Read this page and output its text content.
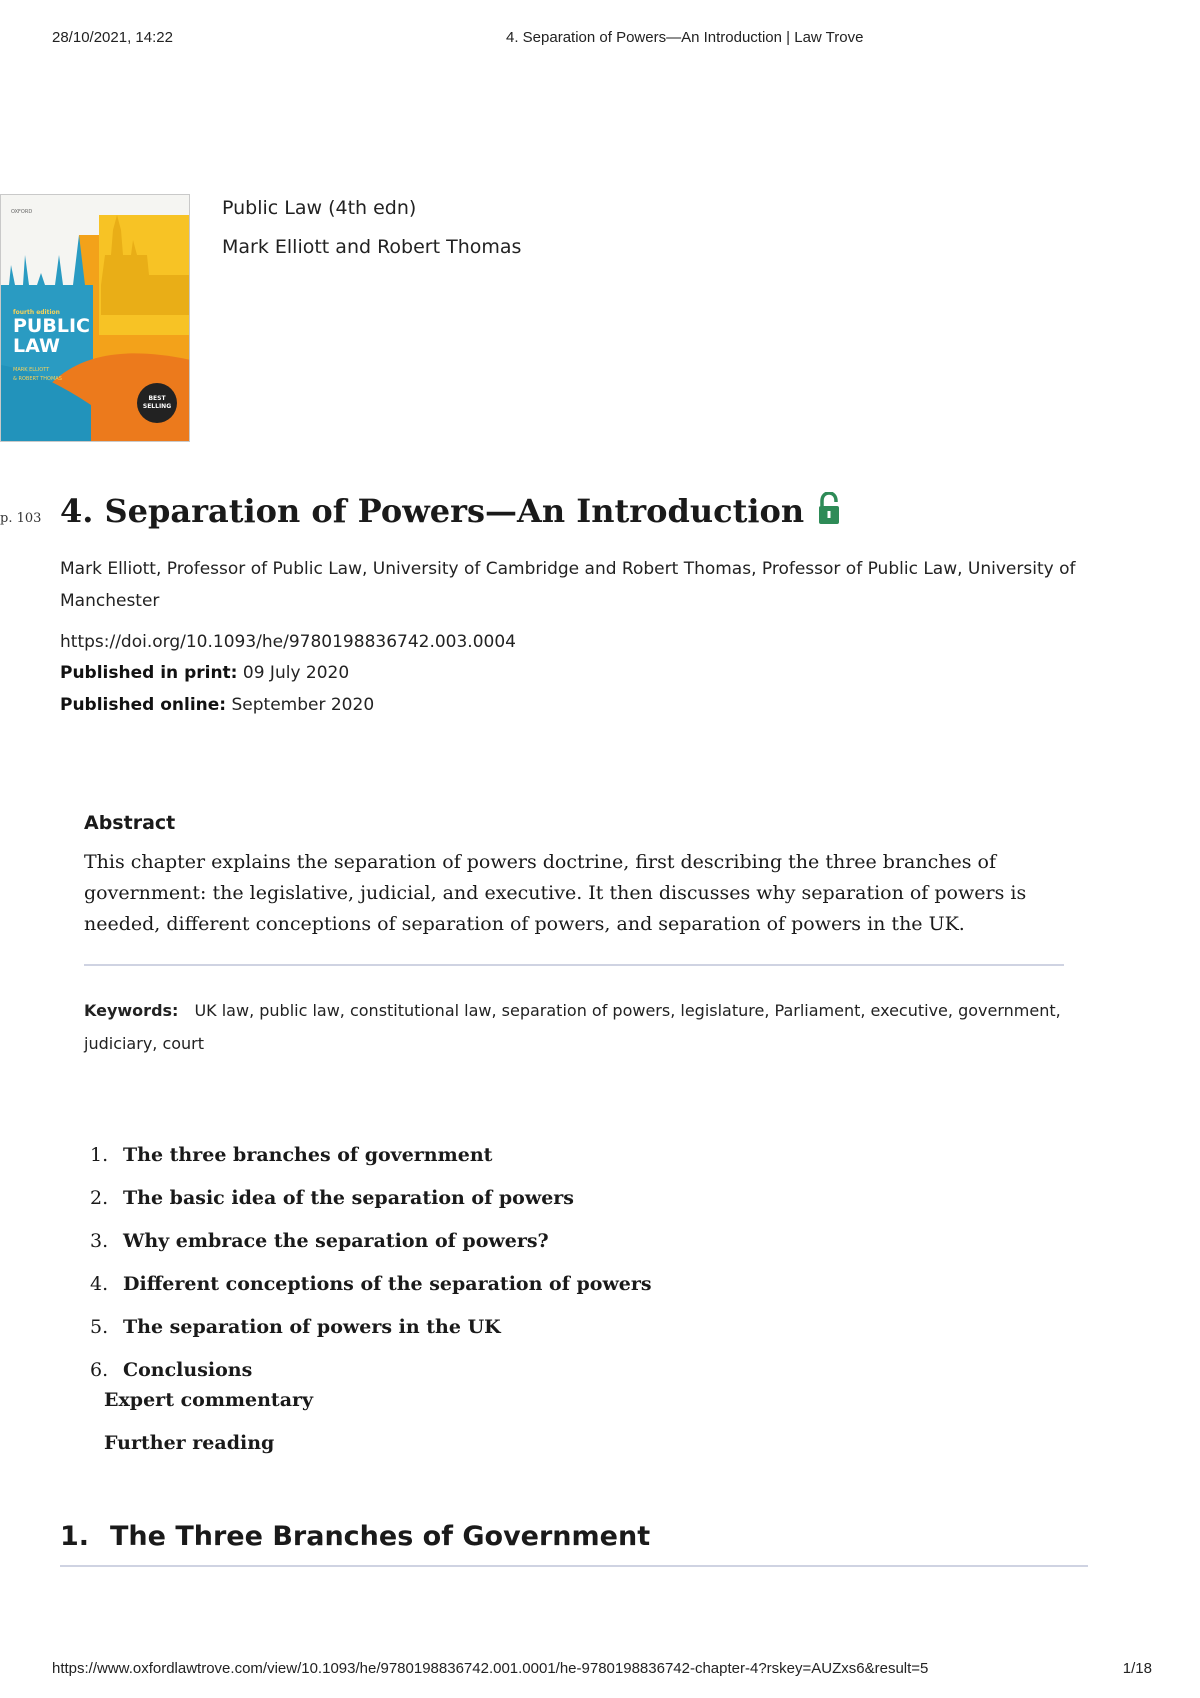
28/10/2021, 14:22	4. Separation of Powers—An Introduction | Law Trove
BEST
SELLING
OXFORD
fourth edition
PUBLIC
LAW
MARK ELLIOTT
& ROBERT THOMAS
Public Law (4th edn)
Mark Elliott and Robert Thomas
p. 103 4. Separation of Powers—An Introduction
Mark Elliott, Professor of Public Law, University of Cambridge and Robert Thomas, Professor of Public Law, University of Manchester
https://doi.org/10.1093/he/9780198836742.003.0004
Published in print: 09 July 2020
Published online: September 2020
Abstract
This chapter explains the separation of powers doctrine, first describing the three branches of government: the legislative, judicial, and executive. It then discusses why separation of powers is needed, different conceptions of separation of powers, and separation of powers in the UK.
Keywords: UK law, public law, constitutional law, separation of powers, legislature, Parliament, executive, government, judiciary, court
1. The three branches of government
2. The basic idea of the separation of powers
3. Why embrace the separation of powers?
4. Different conceptions of the separation of powers
5. The separation of powers in the UK
6. Conclusions
Expert commentary
Further reading
1. The Three Branches of Government
https://www.oxfordlawtrove.com/view/10.1093/he/9780198836742.001.0001/he-9780198836742-chapter-4?rskey=AUZxs6&result=5	1/18
